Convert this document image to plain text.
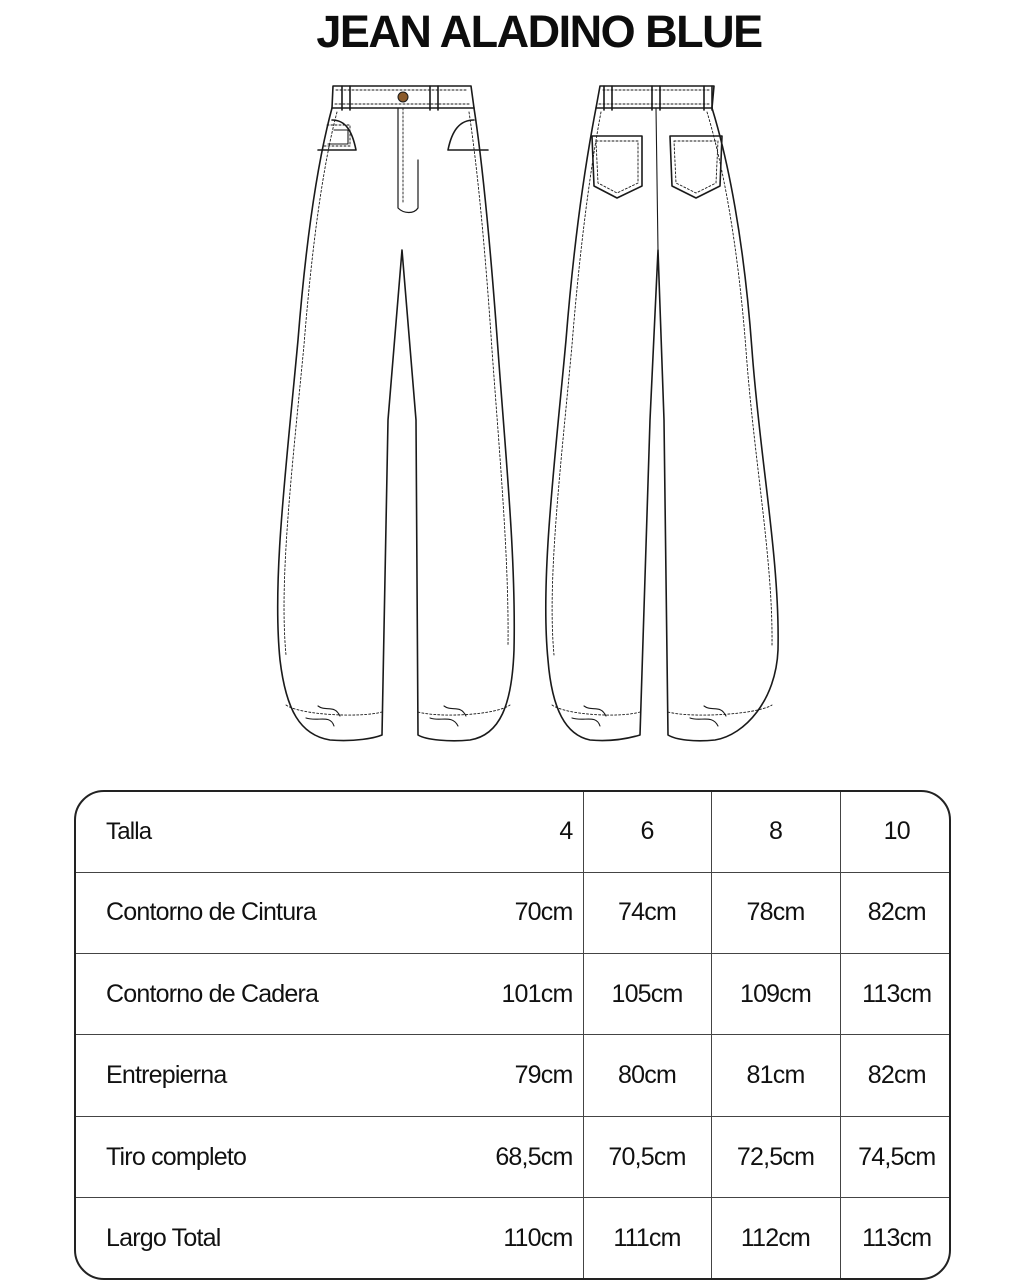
JEAN ALADINO BLUE
Talla	4	6	8	10
Contorno de Cintura	70cm	74cm	78cm	82cm
Contorno de Cadera	101cm	105cm	109cm	113cm
Entrepierna	79cm	80cm	81cm	82cm
Tiro completo	68,5cm	70,5cm	72,5cm	74,5cm
Largo Total	110cm	111cm	112cm	113cm
